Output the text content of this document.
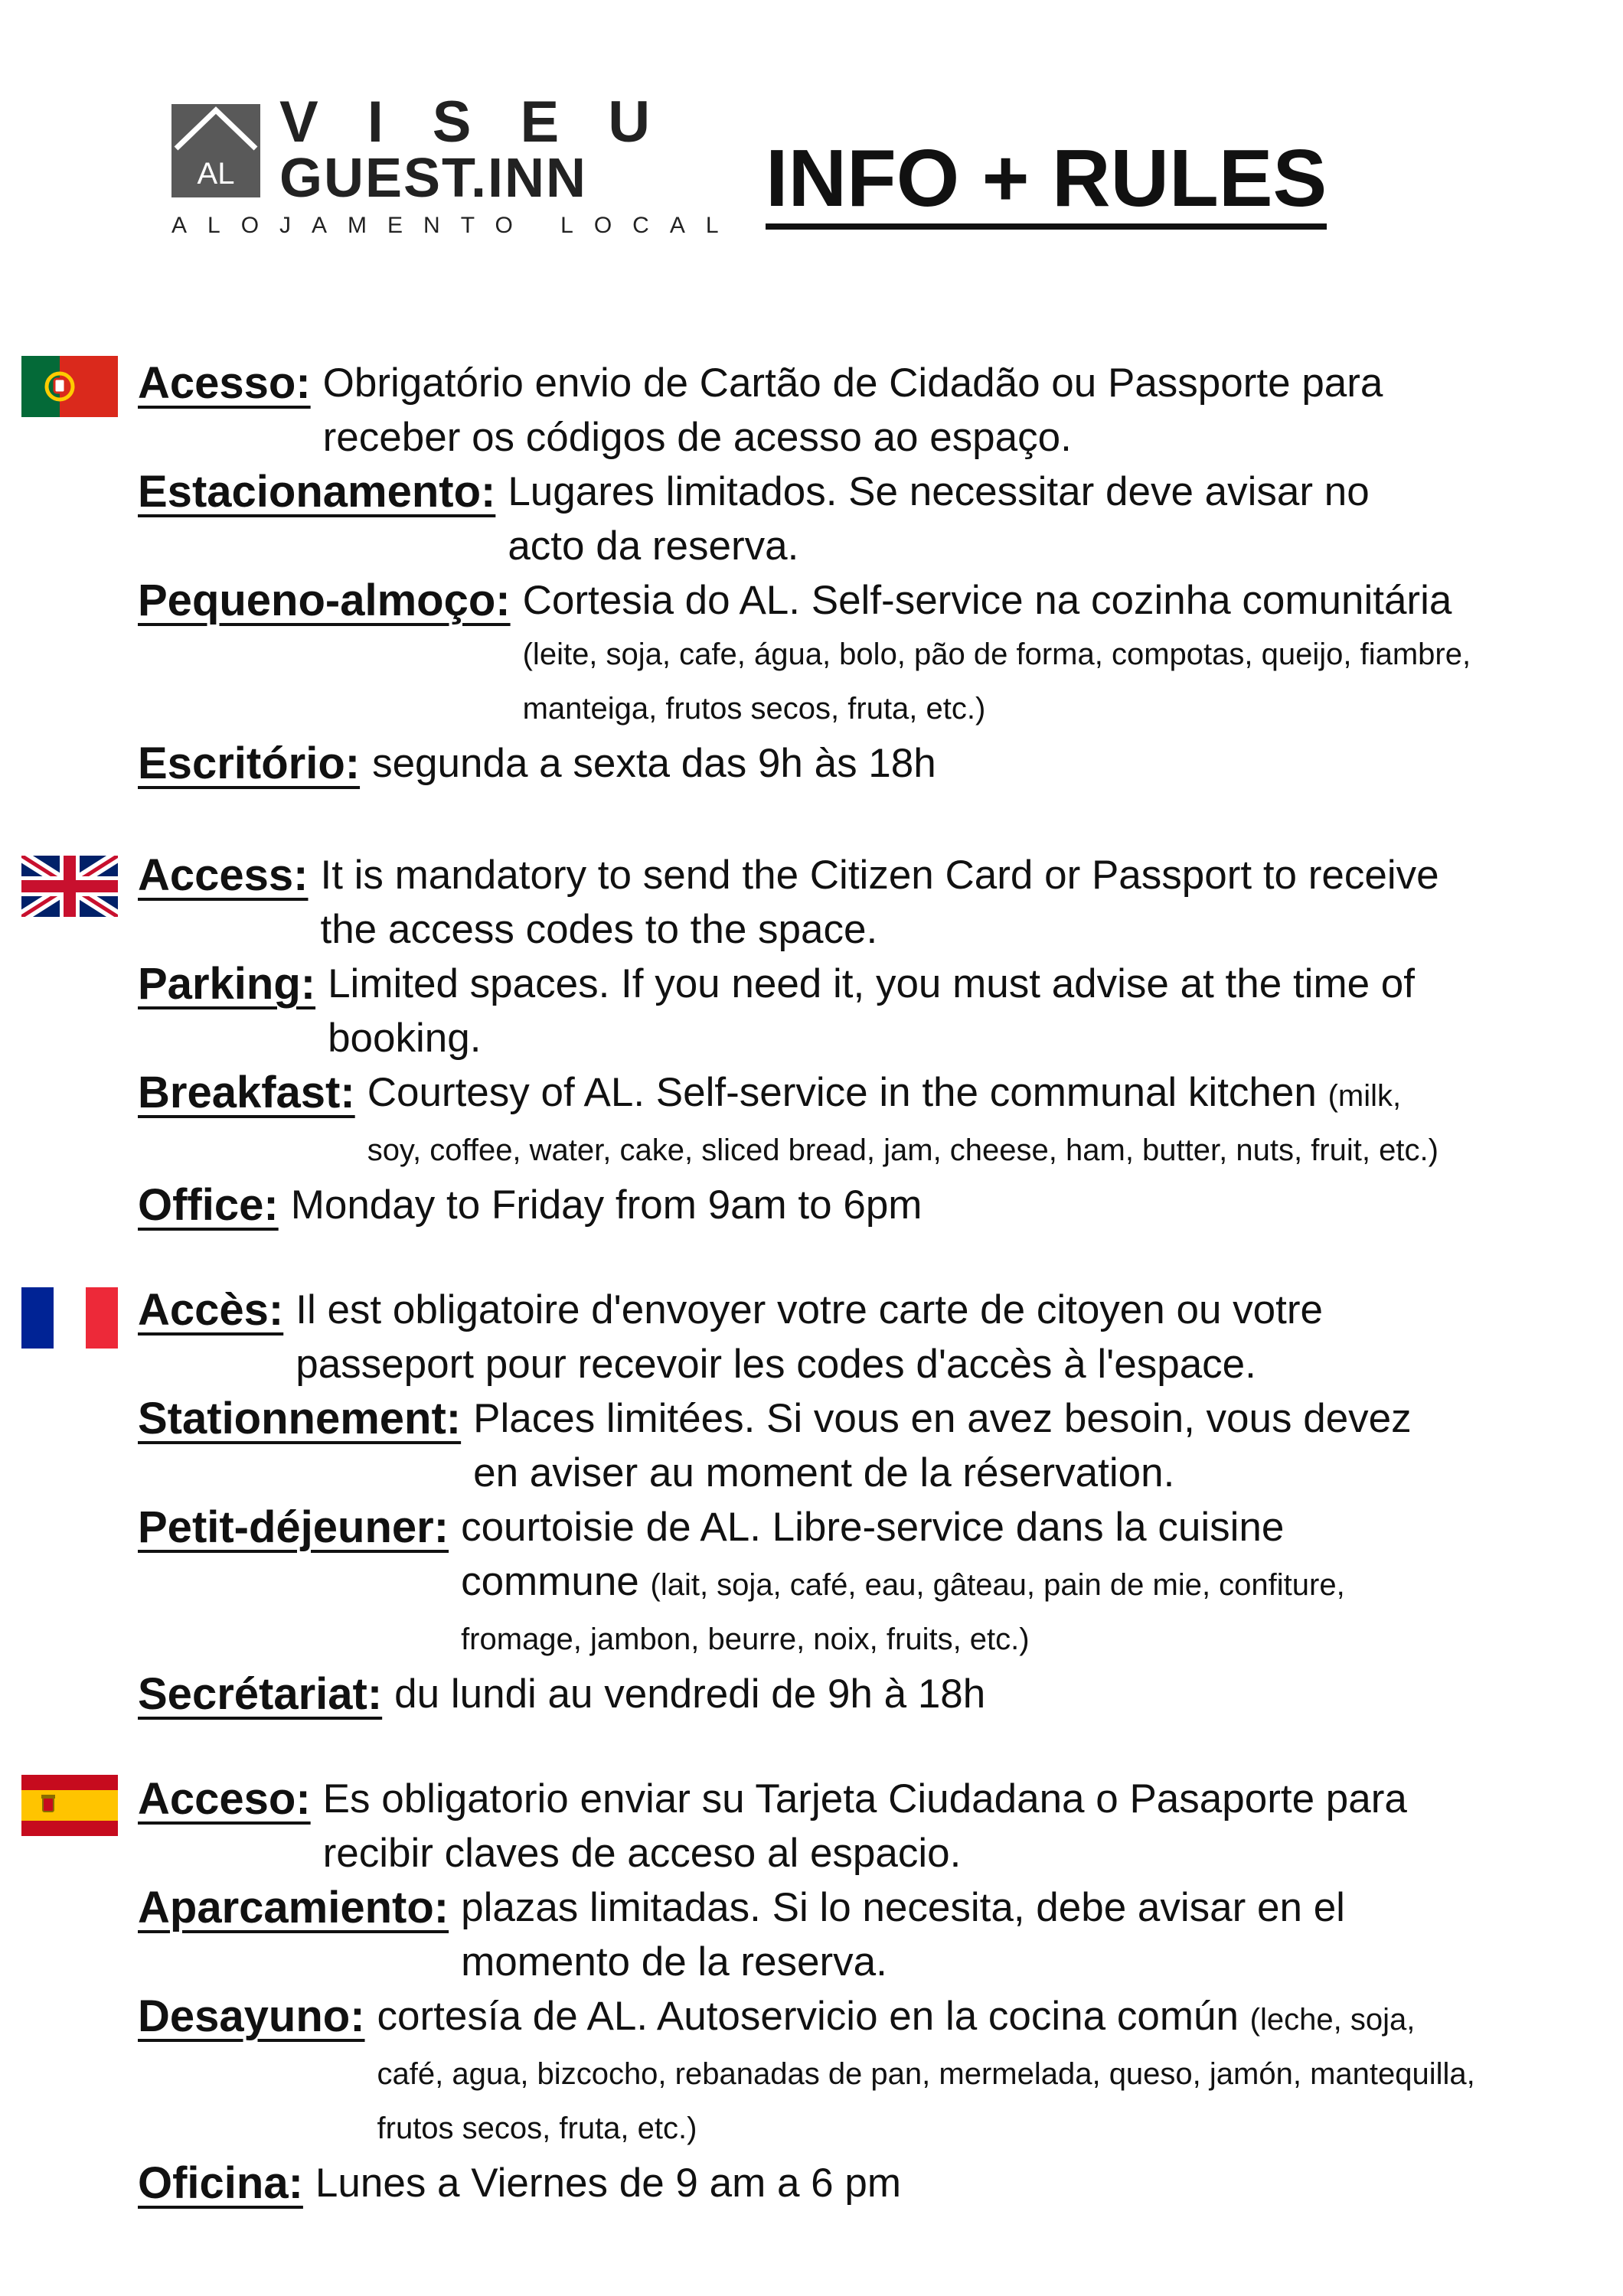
AL
VISEU
GUEST.INN
ALOJAMENTO LOCAL
INFO + RULES
Acesso: Obrigatório envio de Cartão de Cidadão ou Passporte para
receber os códigos de acesso ao espaço.
Estacionamento: Lugares limitados. Se necessitar deve avisar no
acto da reserva.
Pequeno-almoço: Cortesia do AL. Self-service na cozinha comunitária
(leite, soja, cafe, água, bolo, pão de forma, compotas, queijo, fiambre,
manteiga, frutos secos, fruta, etc.)
Escritório: segunda a sexta das 9h às 18h
Access: It is mandatory to send the Citizen Card or Passport to receive
the access codes to the space.
Parking: Limited spaces. If you need it, you must advise at the time of
booking.
Breakfast: Courtesy of AL. Self-service in the communal kitchen (milk,
soy, coffee, water, cake, sliced bread, jam, cheese, ham, butter, nuts, fruit, etc.)
Office: Monday to Friday from 9am to 6pm
Accès: Il est obligatoire d'envoyer votre carte de citoyen ou votre
passeport pour recevoir les codes d'accès à l'espace.
Stationnement: Places limitées. Si vous en avez besoin, vous devez
en aviser au moment de la réservation.
Petit-déjeuner: courtoisie de AL. Libre-service dans la cuisine
commune (lait, soja, café, eau, gâteau, pain de mie, confiture,
fromage, jambon, beurre, noix, fruits, etc.)
Secrétariat: du lundi au vendredi de 9h à 18h
Acceso: Es obligatorio enviar su Tarjeta Ciudadana o Pasaporte para
recibir claves de acceso al espacio.
Aparcamiento: plazas limitadas. Si lo necesita, debe avisar en el
momento de la reserva.
Desayuno: cortesía de AL. Autoservicio en la cocina común (leche, soja,
café, agua, bizcocho, rebanadas de pan, mermelada, queso, jamón, mantequilla,
frutos secos, fruta, etc.)
Oficina: Lunes a Viernes de 9 am a 6 pm
